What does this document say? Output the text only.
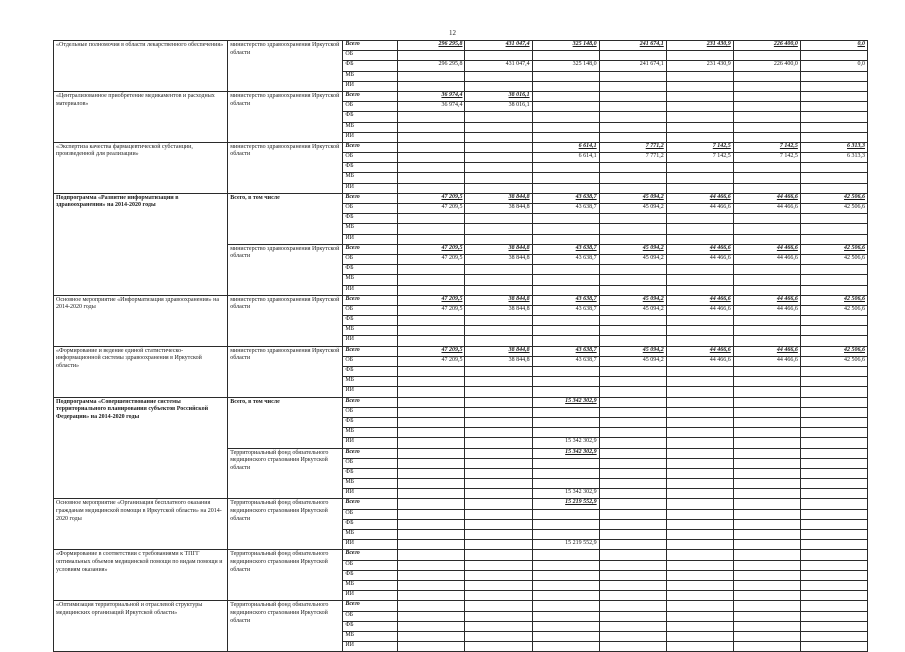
12
«Отдельные полномочия в области лекарственного обеспечения»	министерство здравоохранения Иркутской области	Всего	296 295,8	431 047,4	325 148,0	241 674,1	231 430,9	226 400,0	0,0
		ОБ							
		ФБ	296 295,8	431 047,4	325 148,0	241 674,1	231 430,9	226 400,0	0,0
		МБ							
		ИИ							
«Централизованное приобретение медикаментов и расходных материалов»	министерство здравоохранения Иркутской области	Всего	36 974,4	38 016,1					
		ОБ	36 974,4	38 016,1					
		ФБ							
		МБ							
		ИИ							
«Экспертиза качества фармацевтической субстанции, произведенной для реализации»	министерство здравоохранения Иркутской области	Всего			6 614,1	7 771,2	7 142,5	7 142,5	6 313,3
		ОБ			6 614,1	7 771,2	7 142,5	7 142,5	6 313,3
		ФБ							
		МБ							
		ИИ							
Подпрограмма «Развитие информатизации в здравоохранении» на 2014-2020 годы	Всего, в том числе	Всего	47 209,5	38 844,8	43 638,7	45 094,2	44 466,6	44 466,6	42 506,6
		ОБ	47 209,5	38 844,8	43 638,7	45 094,2	44 466,6	44 466,6	42 506,6
		ФБ							
		МБ							
		ИИ							
	министерство здравоохранения Иркутской области	Всего	47 209,5	38 844,8	43 638,7	45 094,2	44 466,6	44 466,6	42 506,6
		ОБ	47 209,5	38 844,8	43 638,7	45 094,2	44 466,6	44 466,6	42 506,6
		ФБ							
		МБ							
		ИИ							
Основное мероприятие «Информатизация здравоохранения» на 2014-2020 годы	министерство здравоохранения Иркутской области	Всего	47 209,5	38 844,8	43 638,7	45 094,2	44 466,6	44 466,6	42 506,6
		ОБ	47 209,5	38 844,8	43 638,7	45 094,2	44 466,6	44 466,6	42 506,6
		ФБ							
		МБ							
		ИИ							
«Формирование и ведение единой статистическо-информационной системы здравоохранения в Иркутской области»	министерство здравоохранения Иркутской области	Всего	47 209,5	38 844,8	43 638,7	45 094,2	44 466,6	44 466,6	42 506,6
		ОБ	47 209,5	38 844,8	43 638,7	45 094,2	44 466,6	44 466,6	42 506,6
		ФБ							
		МБ							
		ИИ							
Подпрограмма «Совершенствование системы территориального планирования субъектов Российской Федерации» на 2014-2020 годы	Всего, в том числе	Всего			15 342 302,9				
		ОБ							
		ФБ							
		МБ							
		ИИ			15 342 302,9				
	Территориальный фонд обязательного медицинского страхования Иркутской области	Всего			15 342 302,9				
		ОБ							
		ФБ							
		МБ							
		ИИ			15 342 302,9				
Основное мероприятие «Организация бесплатного оказания гражданам медицинской помощи в Иркутской области» на 2014-2020 годы	Территориальный фонд обязательного медицинского страхования Иркутской области	Всего			15 219 552,9				
		ОБ							
		ФБ							
		МБ							
		ИИ			15 219 552,9				
«Формирование в соответствии с требованиями к ТПГГ оптимальных объемов медицинской помощи по видам помощи и условиям оказания»	Территориальный фонд обязательного медицинского страхования Иркутской области	Всего							
		ОБ							
		ФБ							
		МБ							
		ИИ							
«Оптимизация территориальной и отраслевой структуры медицинских организаций Иркутской области»	Территориальный фонд обязательного медицинского страхования Иркутской области	Всего							
		ОБ							
		ФБ							
		МБ							
		ИИ							
